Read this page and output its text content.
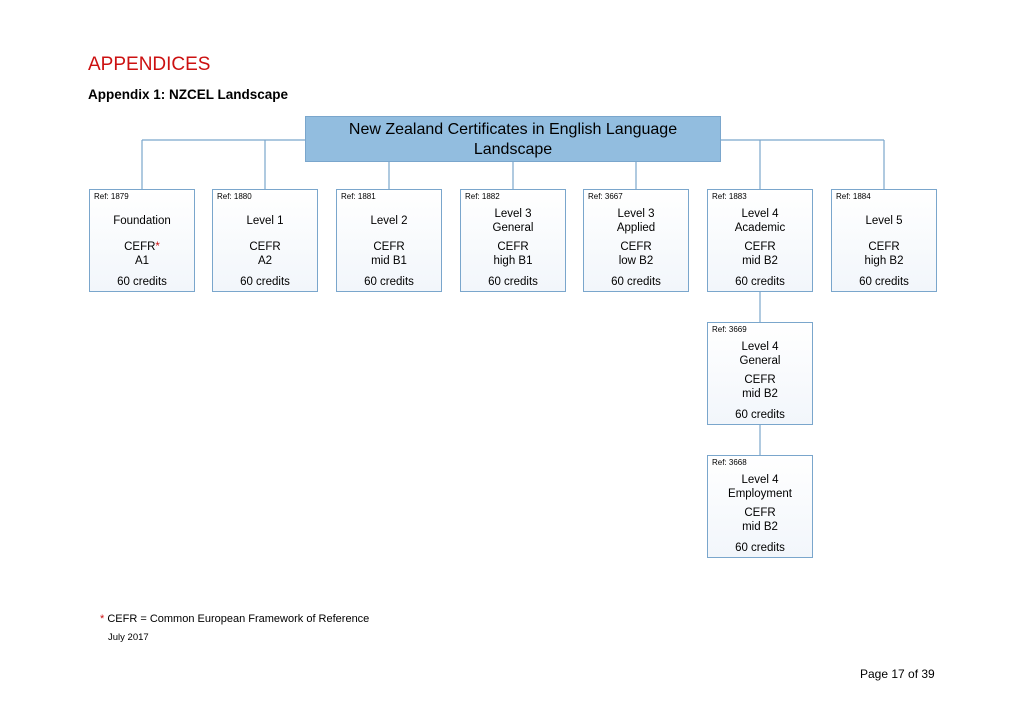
APPENDICES
Appendix 1: NZCEL Landscape
New Zealand Certificates in English Language
Landscape
Ref: 1879
Foundation
CEFR*
A1
60 credits
Ref: 1880
Level 1
CEFR
A2
60 credits
Ref: 1881
Level 2
CEFR
mid B1
60 credits
Ref: 1882
Level 3
General
CEFR
high B1
60 credits
Ref: 3667
Level 3
Applied
CEFR
low B2
60 credits
Ref: 1883
Level 4
Academic
CEFR
mid B2
60 credits
Ref: 1884
Level 5
CEFR
high B2
60 credits
Ref: 3669
Level 4
General
CEFR
mid B2
60 credits
Ref: 3668
Level 4
Employment
CEFR
mid B2
60 credits
* CEFR = Common European Framework of Reference
July 2017
Page 17 of 39
